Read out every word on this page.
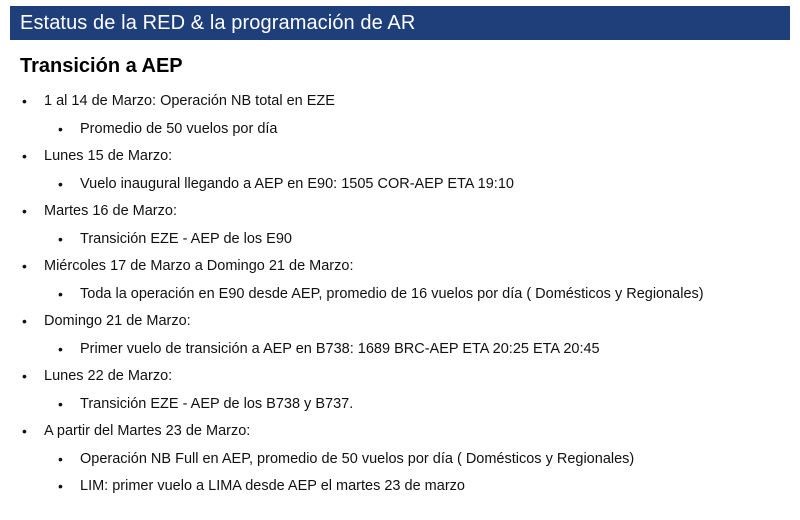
Estatus de la RED & la programación de AR
Transición a AEP
• 1 al 14 de Marzo: Operación NB total en EZE
• Promedio de 50 vuelos por día
• Lunes 15 de Marzo:
• Vuelo inaugural llegando a AEP en E90: 1505 COR-AEP ETA 19:10
• Martes 16 de Marzo:
• Transición EZE - AEP de los E90
• Miércoles 17 de Marzo a Domingo 21 de Marzo:
• Toda la operación en E90 desde AEP, promedio de 16 vuelos por día ( Domésticos y Regionales)
• Domingo 21 de Marzo:
• Primer vuelo de transición a AEP en B738: 1689 BRC-AEP ETA 20:25 ETA 20:45
• Lunes 22 de Marzo:
• Transición EZE - AEP de los B738 y B737.
• A partir del Martes 23 de Marzo:
• Operación NB Full en AEP, promedio de 50 vuelos por día ( Domésticos y Regionales)
• LIM: primer vuelo a LIMA desde AEP el martes 23 de marzo
